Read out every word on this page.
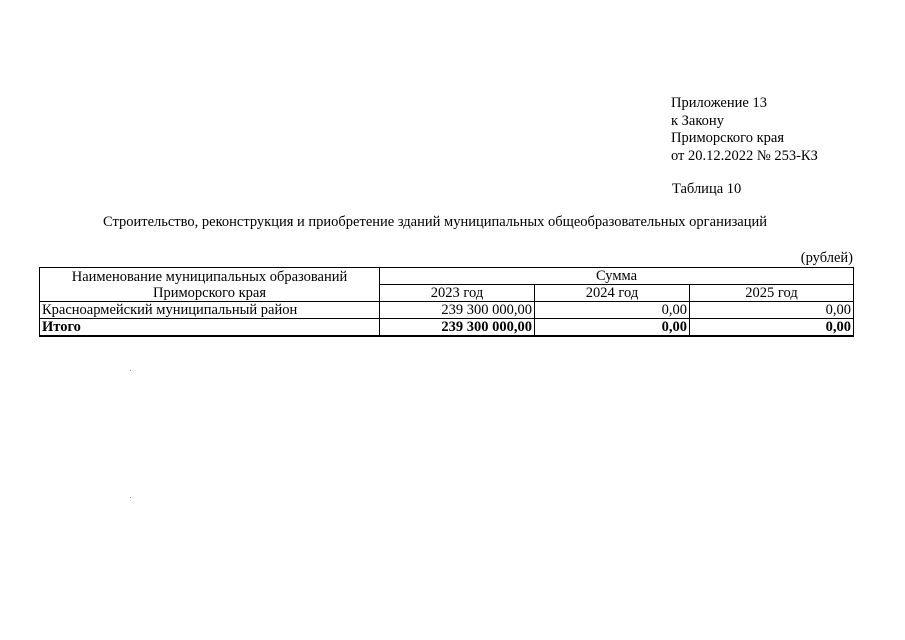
Приложение 13
к Закону
Приморского края
от 20.12.2022 № 253-КЗ
Таблица 10
Строительство, реконструкция и приобретение зданий муниципальных общеобразовательных организаций
(рублей)
Наименование муниципальных образований
Приморского края	Сумма		
	2023 год	2024 год	2025 год
Красноармейский муниципальный район	239 300 000,00	0,00	0,00
Итого	239 300 000,00	0,00	0,00
